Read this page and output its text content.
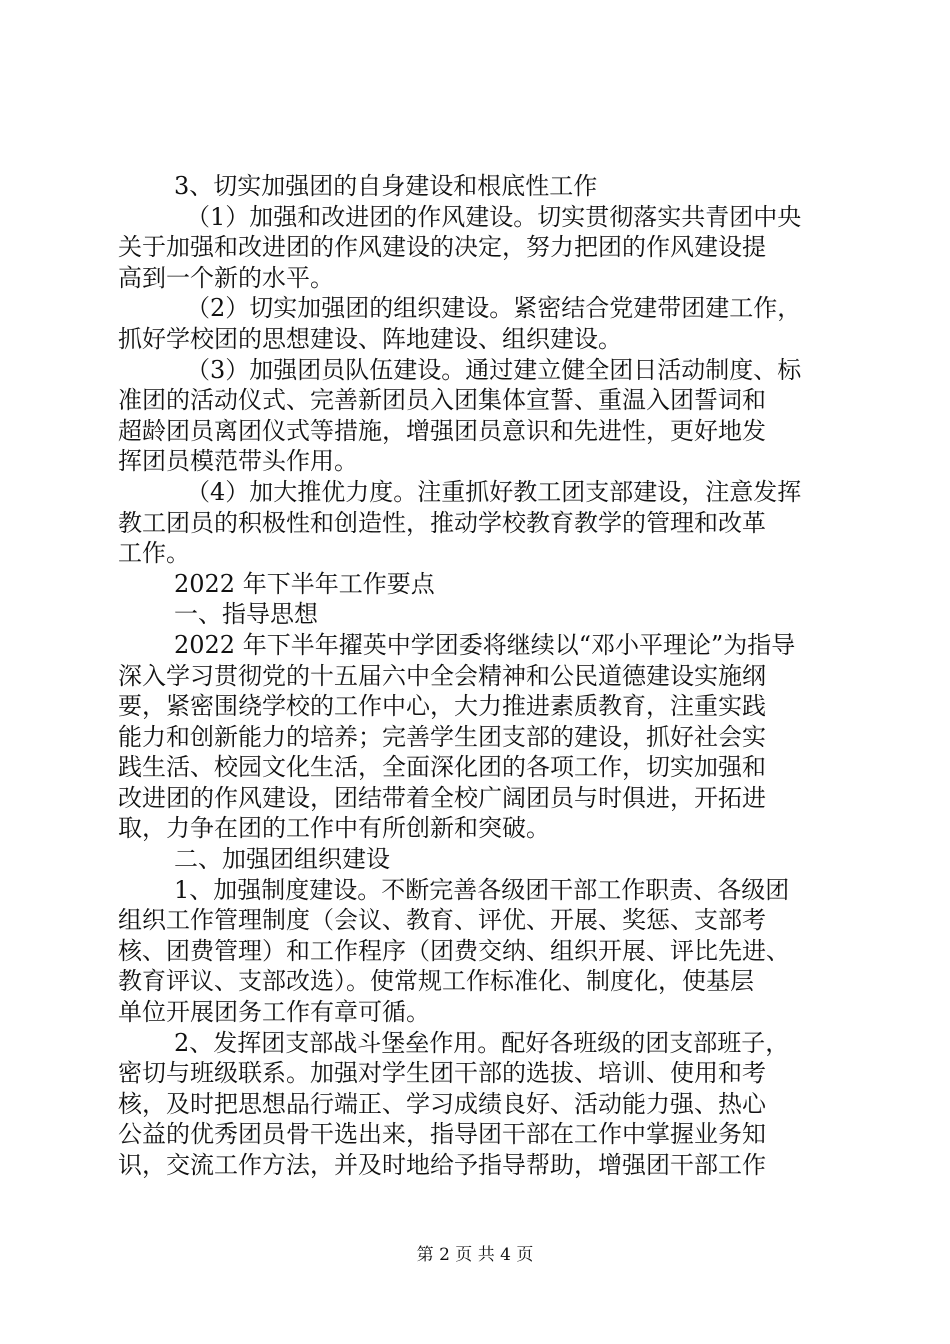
3、切实加强团的自身建设和根底性工作
（1）加强和改进团的作风建设。切实贯彻落实共青团中央
关于加强和改进团的作风建设的决定，努力把团的作风建设提
高到一个新的水平。
（2）切实加强团的组织建设。紧密结合党建带团建工作，
抓好学校团的思想建设、阵地建设、组织建设。
（3）加强团员队伍建设。通过建立健全团日活动制度、标
准团的活动仪式、完善新团员入团集体宣誓、重温入团誓词和
超龄团员离团仪式等措施，增强团员意识和先进性，更好地发
挥团员模范带头作用。
（4）加大推优力度。注重抓好教工团支部建设，注意发挥
教工团员的积极性和创造性，推动学校教育教学的管理和改革
工作。
2022 年下半年工作要点
一、指导思想
2022 年下半年擢英中学团委将继续以“邓小平理论”为指导
深入学习贯彻党的十五届六中全会精神和公民道德建设实施纲
要，紧密围绕学校的工作中心，大力推进素质教育，注重实践
能力和创新能力的培养；完善学生团支部的建设，抓好社会实
践生活、校园文化生活，全面深化团的各项工作，切实加强和
改进团的作风建设，团结带着全校广阔团员与时俱进，开拓进
取，力争在团的工作中有所创新和突破。
二、加强团组织建设
1、加强制度建设。不断完善各级团干部工作职责、各级团
组织工作管理制度（会议、教育、评优、开展、奖惩、支部考
核、团费管理）和工作程序（团费交纳、组织开展、评比先进、
教育评议、支部改选）。使常规工作标准化、制度化，使基层
单位开展团务工作有章可循。
2、发挥团支部战斗堡垒作用。配好各班级的团支部班子，
密切与班级联系。加强对学生团干部的选拔、培训、使用和考
核，及时把思想品行端正、学习成绩良好、活动能力强、热心
公益的优秀团员骨干选出来，指导团干部在工作中掌握业务知
识，交流工作方法，并及时地给予指导帮助，增强团干部工作
第 2 页 共 4 页
